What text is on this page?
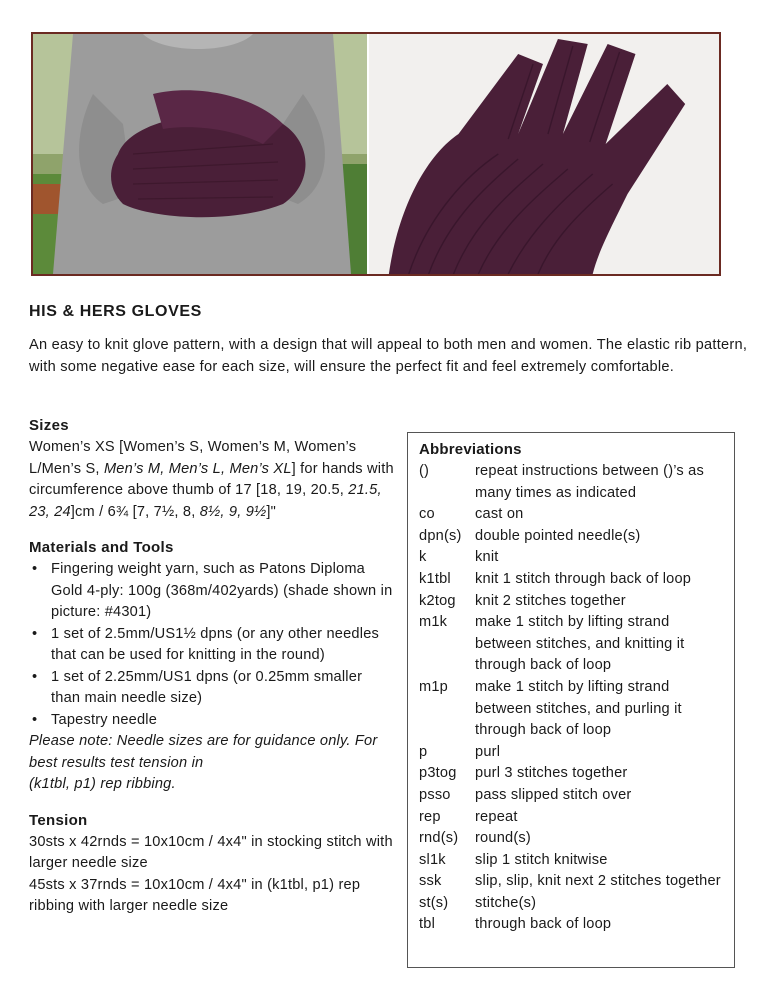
HIS & HERS GLOVES

An easy to knit glove pattern, with a design that will appeal to both men and women. The elastic rib pattern, with some negative ease for each size, will ensure the perfect fit and feel extremely comfortable.

Sizes

Women’s XS [Women’s S, Women’s M, Women’s L/Men’s S, Men’s M, Men’s L, Men’s XL] for hands with circumference above thumb of 17 [18, 19, 20.5, 21.5, 23, 24]cm / 6¾ [7, 7½, 8, 8½, 9, 9½]"

Materials and Tools
• Fingering weight yarn, such as Patons Diploma Gold 4-ply: 100g (368m/402yards) (shade shown in picture: #4301)
• 1 set of 2.5mm/US1½ dpns (or any other needles that can be used for knitting in the round)
• 1 set of 2.25mm/US1 dpns (or 0.25mm smaller than main needle size)
• Tapestry needle

Please note: Needle sizes are for guidance only. For best results test tension in
(k1tbl, p1) rep ribbing.

Tension

30sts x 42rnds = 10x10cm / 4x4" in stocking stitch with larger needle size

45sts x 37rnds = 10x10cm / 4x4" in (k1tbl, p1) rep ribbing with larger needle size

Abbreviations
()	repeat instructions between ()’s as many times as indicated
co	cast on
dpn(s) double pointed needle(s)
k	knit
k1tbl	knit 1 stitch through back of loop
k2tog	knit 2 stitches together
m1k	make 1 stitch by lifting strand between stitches, and knitting it through back of loop
m1p	make 1 stitch by lifting strand between stitches, and purling it through back of loop
p	purl
p3tog	purl 3 stitches together
psso	pass slipped stitch over
rep	repeat
rnd(s)	round(s)
sl1k	slip 1 stitch knitwise
ssk	slip, slip, knit next 2 stitches together
st(s)	stitche(s)
tbl	through back of loop
